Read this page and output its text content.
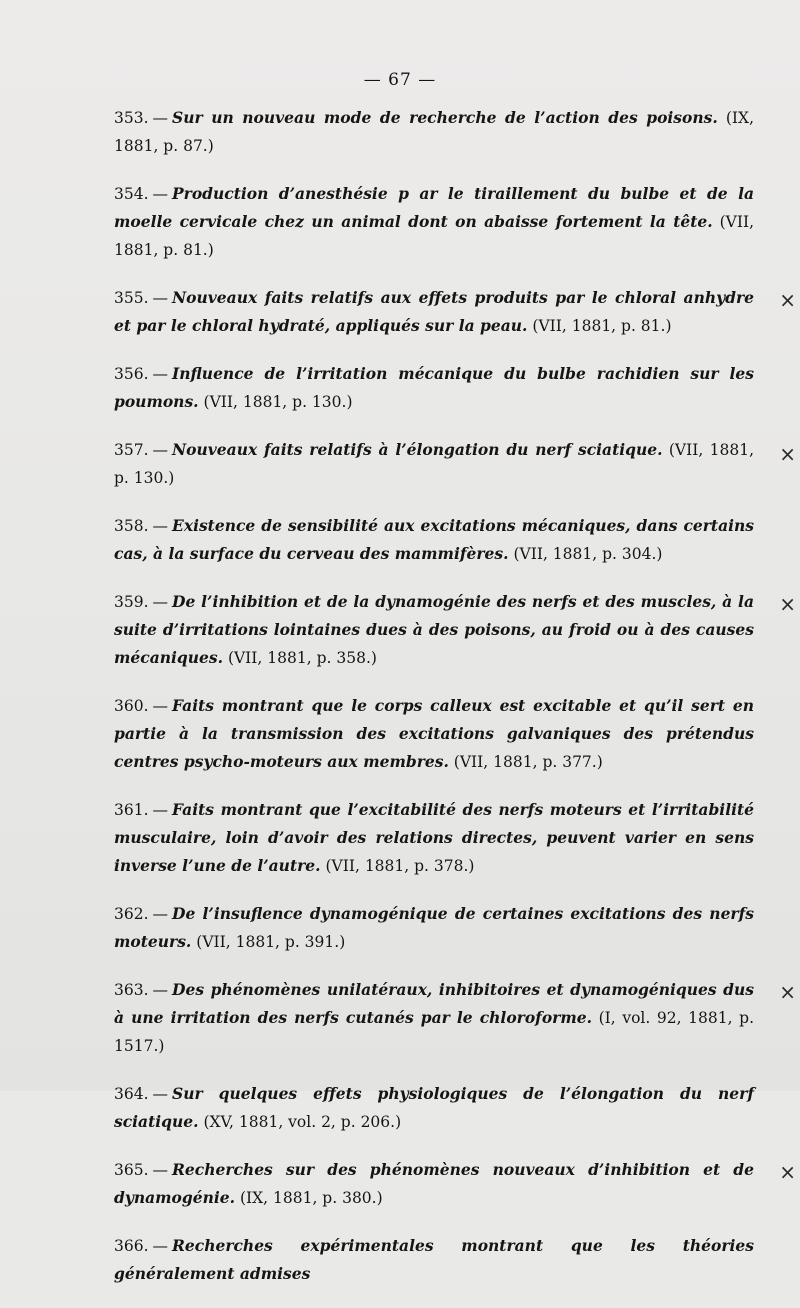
— 67 —
353. — Sur un nouveau mode de recherche de l’action des poisons. (IX, 1881, p. 87.)
354. — Production d’anesthésie p ar le tiraillement du bulbe et de la moelle cervicale chez un animal dont on abaisse fortement la tête. (VII, 1881, p. 81.)
×
355. — Nouveaux faits relatifs aux effets produits par le chloral anhydre et par le chloral hydraté, appliqués sur la peau. (VII, 1881, p. 81.)
356. — Influence de l’irritation mécanique du bulbe rachidien sur les poumons. (VII, 1881, p. 130.)
×
357. — Nouveaux faits relatifs à l’élongation du nerf sciatique. (VII, 1881, p. 130.)
358. — Existence de sensibilité aux excitations mécaniques, dans certains cas, à la surface du cerveau des mammifères. (VII, 1881, p. 304.)
×
359. — De l’inhibition et de la dynamogénie des nerfs et des muscles, à la suite d’irritations lointaines dues à des poisons, au froid ou à des causes mécaniques. (VII, 1881, p. 358.)
360. — Faits montrant que le corps calleux est excitable et qu’il sert en partie à la transmission des excitations galvaniques des prétendus centres psycho-moteurs aux membres. (VII, 1881, p. 377.)
361. — Faits montrant que l’excitabilité des nerfs moteurs et l’irritabilité musculaire, loin d’avoir des relations directes, peuvent varier en sens inverse l’une de l’autre. (VII, 1881, p. 378.)
362. — De l’insuflence dynamogénique de certaines excitations des nerfs moteurs. (VII, 1881, p. 391.)
×
363. — Des phénomènes unilatéraux, inhibitoires et dynamogéniques dus à une irritation des nerfs cutanés par le chloroforme. (I, vol. 92, 1881, p. 1517.)
364. — Sur quelques effets physiologiques de l’élongation du nerf sciatique. (XV, 1881, vol. 2, p. 206.)
×
365. — Recherches sur des phénomènes nouveaux d’inhibition et de dynamogénie. (IX, 1881, p. 380.)
366. — Recherches expérimentales montrant que les théories généralement admises
